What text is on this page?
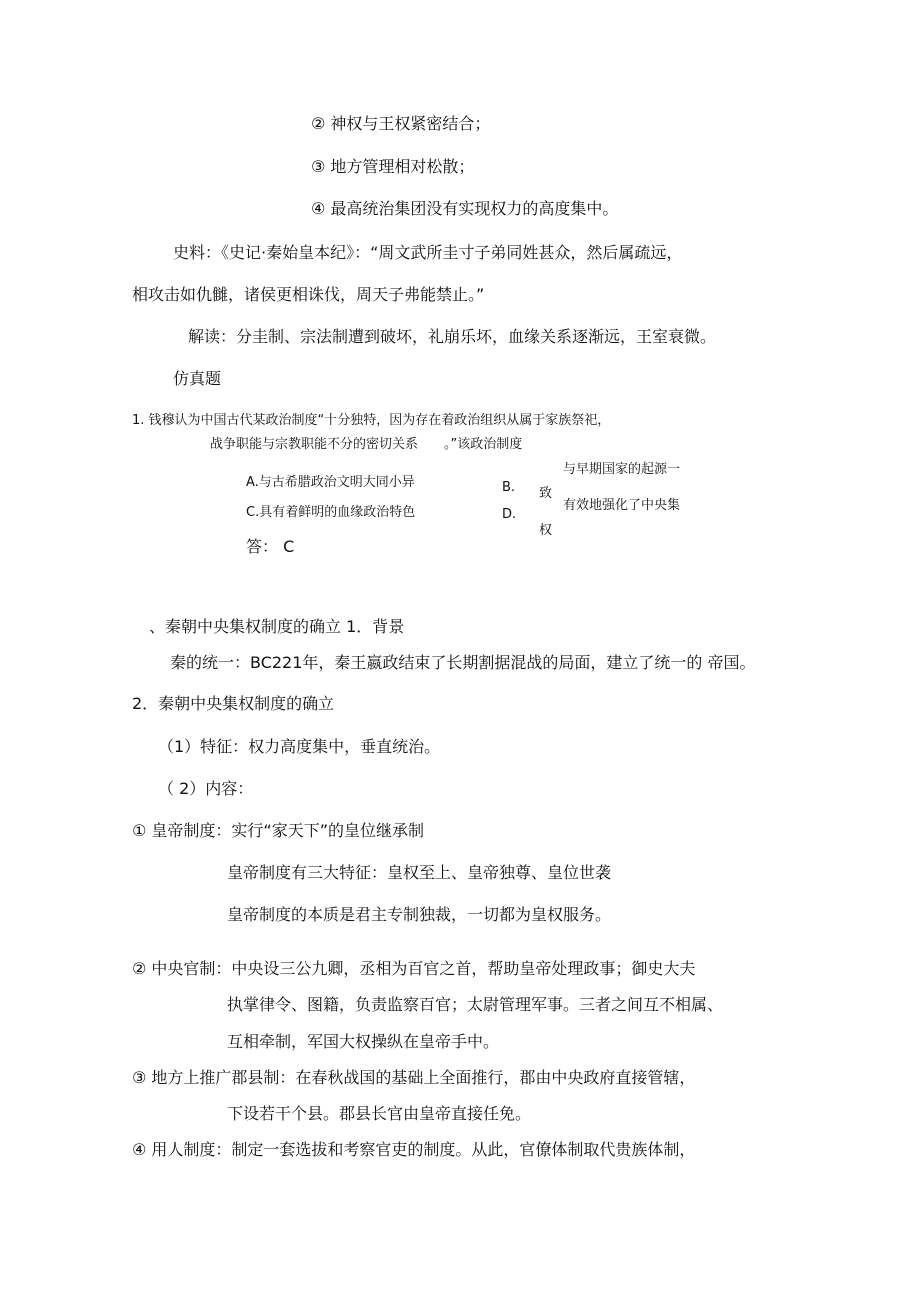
② 神权与王权紧密结合；
③ 地方管理相对松散；
④ 最高统治集团没有实现权力的高度集中。
史料：《史记·秦始皇本纪》：“周文武所圭寸子弟同姓甚众，然后属疏远，
相攻击如仇雠，诸侯更相诛伐，周天子弗能禁止。”
解读：分圭制、宗法制遭到破坏，礼崩乐坏，血缘关系逐渐远，王室衰微。
仿真题
1. 钱穆认为中国古代某政治制度“十分独特，因为存在着政治组织从属于家族祭祀，
战争职能与宗教职能不分的密切关系　　。”该政治制度
A.与古希腊政治文明大同小异	B.
与早期国家的起源一
致
C.具有着鲜明的血缘政治特色	D.
有效地强化了中央集
权
答： C
、秦朝中央集权制度的确立 1．背景
秦的统一：BC221年，秦王嬴政结束了长期割据混战的局面，建立了统一的 帝国。
2．秦朝中央集权制度的确立
（1）特征：权力高度集中，垂直统治。
（ 2）内容：
① 皇帝制度：实行“家天下”的皇位继承制
皇帝制度有三大特征：皇权至上、皇帝独尊、皇位世袭
皇帝制度的本质是君主专制独裁，一切都为皇权服务。
② 中央官制：中央设三公九卿，丞相为百官之首，帮助皇帝处理政事；御史大夫
执掌律令、图籍，负责监察百官；太尉管理军事。三者之间互不相属、
互相牵制，军国大权操纵在皇帝手中。
③ 地方上推广郡县制：在春秋战国的基础上全面推行，郡由中央政府直接管辖，
下设若干个县。郡县长官由皇帝直接任免。
④ 用人制度：制定一套选拔和考察官吏的制度。从此，官僚体制取代贵族体制，
